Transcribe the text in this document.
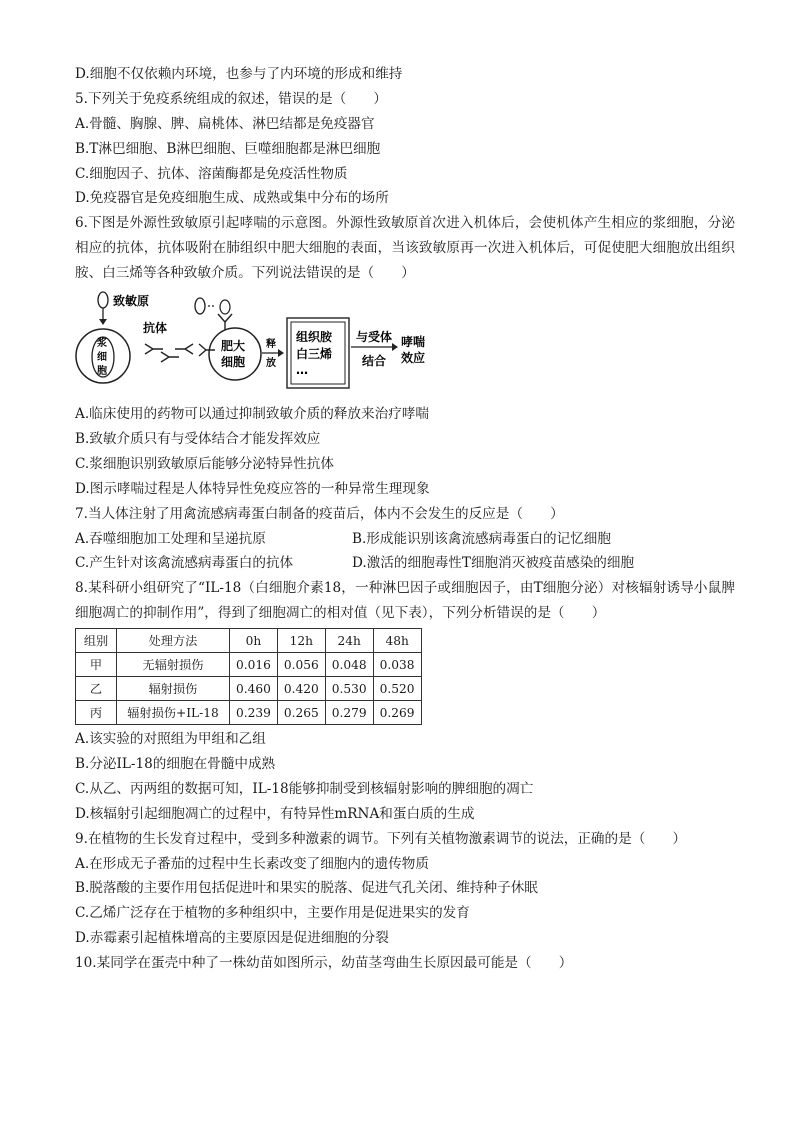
D.细胞不仅依赖内环境，也参与了内环境的形成和维持
5.下列关于免疫系统组成的叙述，错误的是（　　）
A.骨髓、胸腺、脾、扁桃体、淋巴结都是免疫器官
B.T淋巴细胞、B淋巴细胞、巨噬细胞都是淋巴细胞
C.细胞因子、抗体、溶菌酶都是免疫活性物质
D.免疫器官是免疫细胞生成、成熟或集中分布的场所
6.下图是外源性致敏原引起哮喘的示意图。外源性致敏原首次进入机体后，会使机体产生相应的浆细胞，分泌相应的抗体，抗体吸附在肺组织中肥大细胞的表面，当该致敏原再一次进入机体后，可促使肥大细胞放出组织胺、白三烯等各种致敏介质。下列说法错误的是（　　）
致敏原
浆
细
胞
抗体
肥大
细胞
释
放
组织胺
白三烯
…
与受体
结合
哮喘
效应
A.临床使用的药物可以通过抑制致敏介质的释放来治疗哮喘
B.致敏介质只有与受体结合才能发挥效应
C.浆细胞识别致敏原后能够分泌特异性抗体
D.图示哮喘过程是人体特异性免疫应答的一种异常生理现象
7.当人体注射了用禽流感病毒蛋白制备的疫苗后，体内不会发生的反应是（　　）
A.吞噬细胞加工处理和呈递抗原	B.形成能识别该禽流感病毒蛋白的记忆细胞
C.产生针对该禽流感病毒蛋白的抗体	D.激活的细胞毒性T细胞消灭被疫苗感染的细胞
8.某科研小组研究了“IL-18（白细胞介素18，一种淋巴因子或细胞因子，由T细胞分泌）对核辐射诱导小鼠脾细胞凋亡的抑制作用”，得到了细胞凋亡的相对值（见下表），下列分析错误的是（　　）
组别	处理方法	0h	12h	24h	48h
甲	无辐射损伤	0.016	0.056	0.048	0.038
乙	辐射损伤	0.460	0.420	0.530	0.520
丙	辐射损伤+IL-18	0.239	0.265	0.279	0.269
A.该实验的对照组为甲组和乙组
B.分泌IL-18的细胞在骨髓中成熟
C.从乙、丙两组的数据可知，IL-18能够抑制受到核辐射影响的脾细胞的凋亡
D.核辐射引起细胞凋亡的过程中，有特异性mRNA和蛋白质的生成
9.在植物的生长发育过程中，受到多种激素的调节。下列有关植物激素调节的说法，正确的是（　　）
A.在形成无子番茄的过程中生长素改变了细胞内的遗传物质
B.脱落酸的主要作用包括促进叶和果实的脱落、促进气孔关闭、维持种子休眠
C.乙烯广泛存在于植物的多种组织中，主要作用是促进果实的发育
D.赤霉素引起植株增高的主要原因是促进细胞的分裂
10.某同学在蛋壳中种了一株幼苗如图所示，幼苗茎弯曲生长原因最可能是（　　）
